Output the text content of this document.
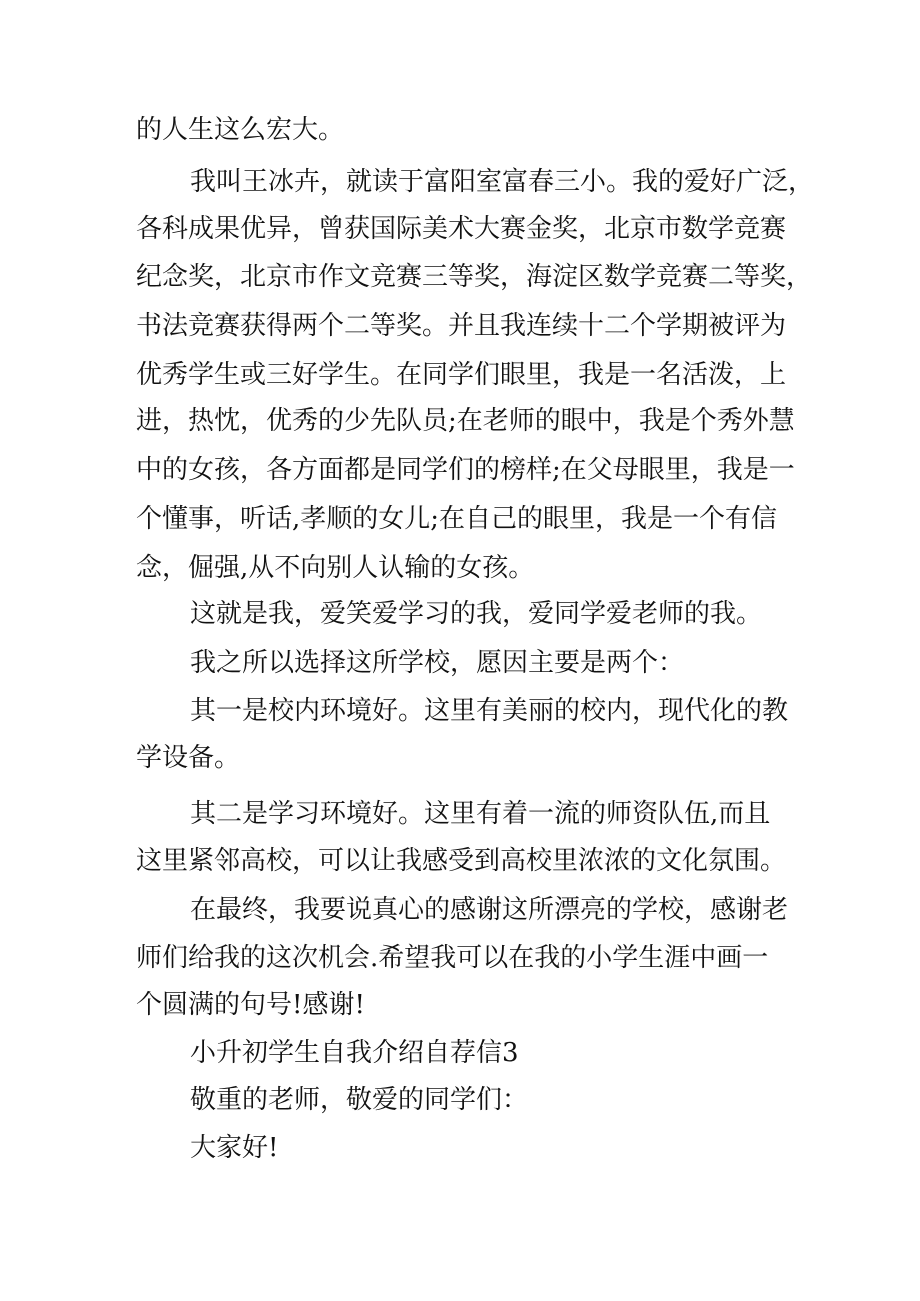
的人生这么宏大。
我叫王冰卉，就读于富阳室富春三小。我的爱好广泛，
各科成果优异，曾获国际美术大赛金奖，北京市数学竞赛
纪念奖，北京市作文竞赛三等奖，海淀区数学竞赛二等奖，
书法竞赛获得两个二等奖。并且我连续十二个学期被评为
优秀学生或三好学生。在同学们眼里，我是一名活泼，上
进，热忱，优秀的少先队员;在老师的眼中，我是个秀外慧
中的女孩，各方面都是同学们的榜样;在父母眼里，我是一
个懂事，听话,孝顺的女儿;在自己的眼里，我是一个有信
念，倔强,从不向别人认输的女孩。
这就是我，爱笑爱学习的我，爱同学爱老师的我。
我之所以选择这所学校，愿因主要是两个：
其一是校内环境好。这里有美丽的校内，现代化的教
学设备。
其二是学习环境好。这里有着一流的师资队伍,而且
这里紧邻高校，可以让我感受到高校里浓浓的文化氛围。
在最终，我要说真心的感谢这所漂亮的学校，感谢老
师们给我的这次机会.希望我可以在我的小学生涯中画一
个圆满的句号!感谢!
小升初学生自我介绍自荐信3
敬重的老师，敬爱的同学们：
大家好!
